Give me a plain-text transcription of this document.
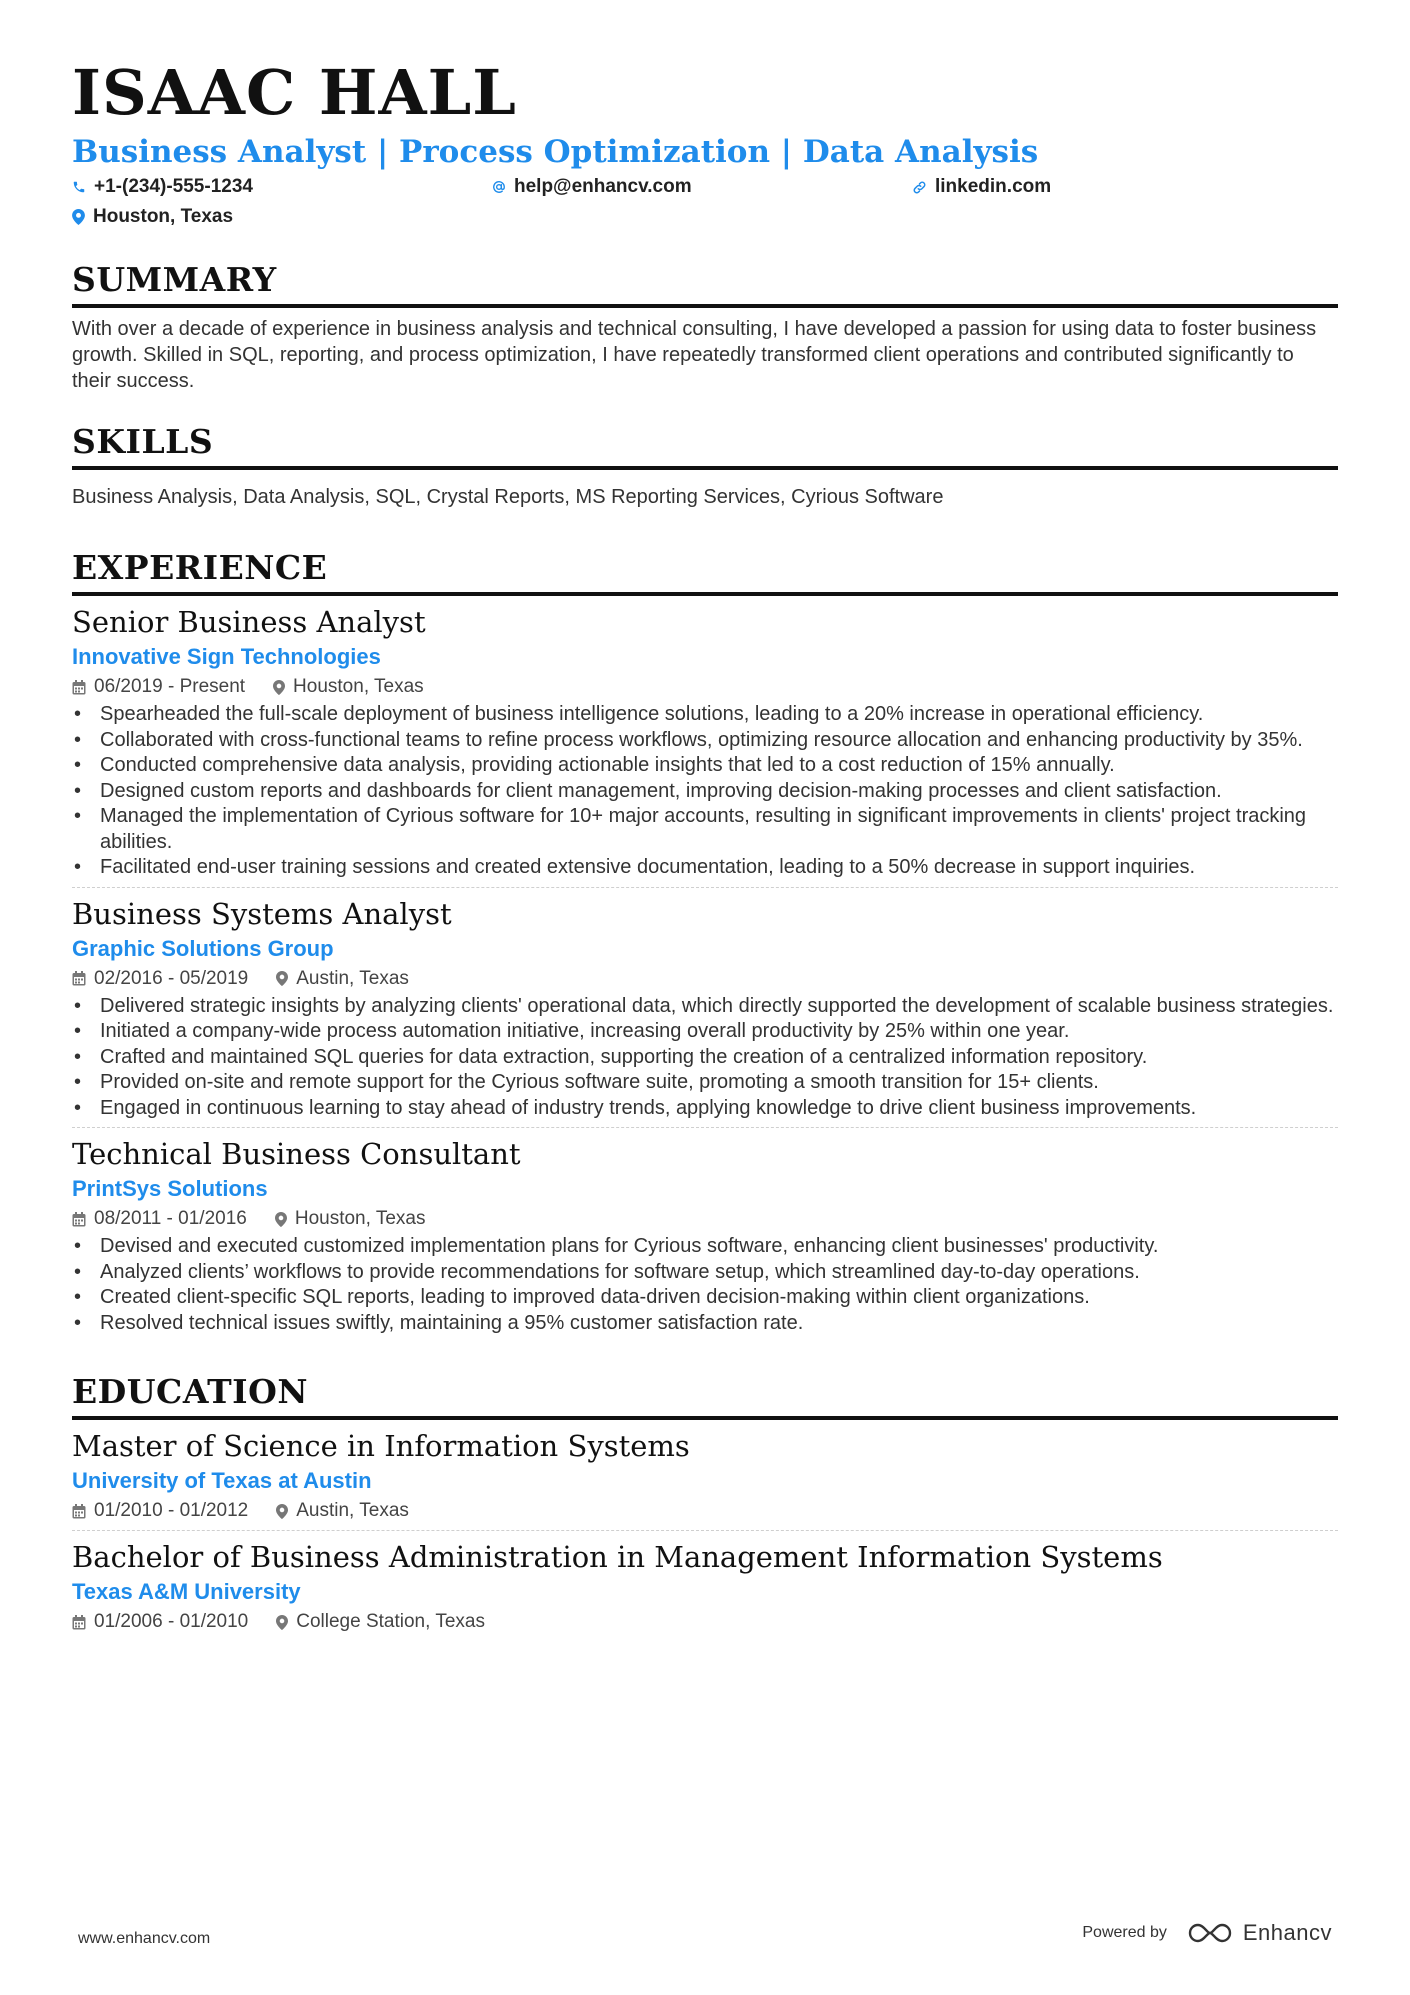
ISAAC HALL
Business Analyst | Process Optimization | Data Analysis
+1-(234)-555-1234	help@enhancv.com	linkedin.com
Houston, Texas
SUMMARY
With over a decade of experience in business analysis and technical consulting, I have developed a passion for using data to foster business growth. Skilled in SQL, reporting, and process optimization, I have repeatedly transformed client operations and contributed significantly to their success.
SKILLS
Business Analysis, Data Analysis, SQL, Crystal Reports, MS Reporting Services, Cyrious Software
EXPERIENCE
Senior Business Analyst
Innovative Sign Technologies
06/2019 - Present	Houston, Texas
• Spearheaded the full-scale deployment of business intelligence solutions, leading to a 20% increase in operational efficiency.
• Collaborated with cross-functional teams to refine process workflows, optimizing resource allocation and enhancing productivity by 35%.
• Conducted comprehensive data analysis, providing actionable insights that led to a cost reduction of 15% annually.
• Designed custom reports and dashboards for client management, improving decision-making processes and client satisfaction.
• Managed the implementation of Cyrious software for 10+ major accounts, resulting in significant improvements in clients' project tracking abilities.
• Facilitated end-user training sessions and created extensive documentation, leading to a 50% decrease in support inquiries.
Business Systems Analyst
Graphic Solutions Group
02/2016 - 05/2019	Austin, Texas
• Delivered strategic insights by analyzing clients' operational data, which directly supported the development of scalable business strategies.
• Initiated a company-wide process automation initiative, increasing overall productivity by 25% within one year.
• Crafted and maintained SQL queries for data extraction, supporting the creation of a centralized information repository.
• Provided on-site and remote support for the Cyrious software suite, promoting a smooth transition for 15+ clients.
• Engaged in continuous learning to stay ahead of industry trends, applying knowledge to drive client business improvements.
Technical Business Consultant
PrintSys Solutions
08/2011 - 01/2016	Houston, Texas
• Devised and executed customized implementation plans for Cyrious software, enhancing client businesses' productivity.
• Analyzed clients’ workflows to provide recommendations for software setup, which streamlined day-to-day operations.
• Created client-specific SQL reports, leading to improved data-driven decision-making within client organizations.
• Resolved technical issues swiftly, maintaining a 95% customer satisfaction rate.
EDUCATION
Master of Science in Information Systems
University of Texas at Austin
01/2010 - 01/2012	Austin, Texas
Bachelor of Business Administration in Management Information Systems
Texas A&M University
01/2006 - 01/2010	College Station, Texas
www.enhancv.com	Powered by	Enhancv
